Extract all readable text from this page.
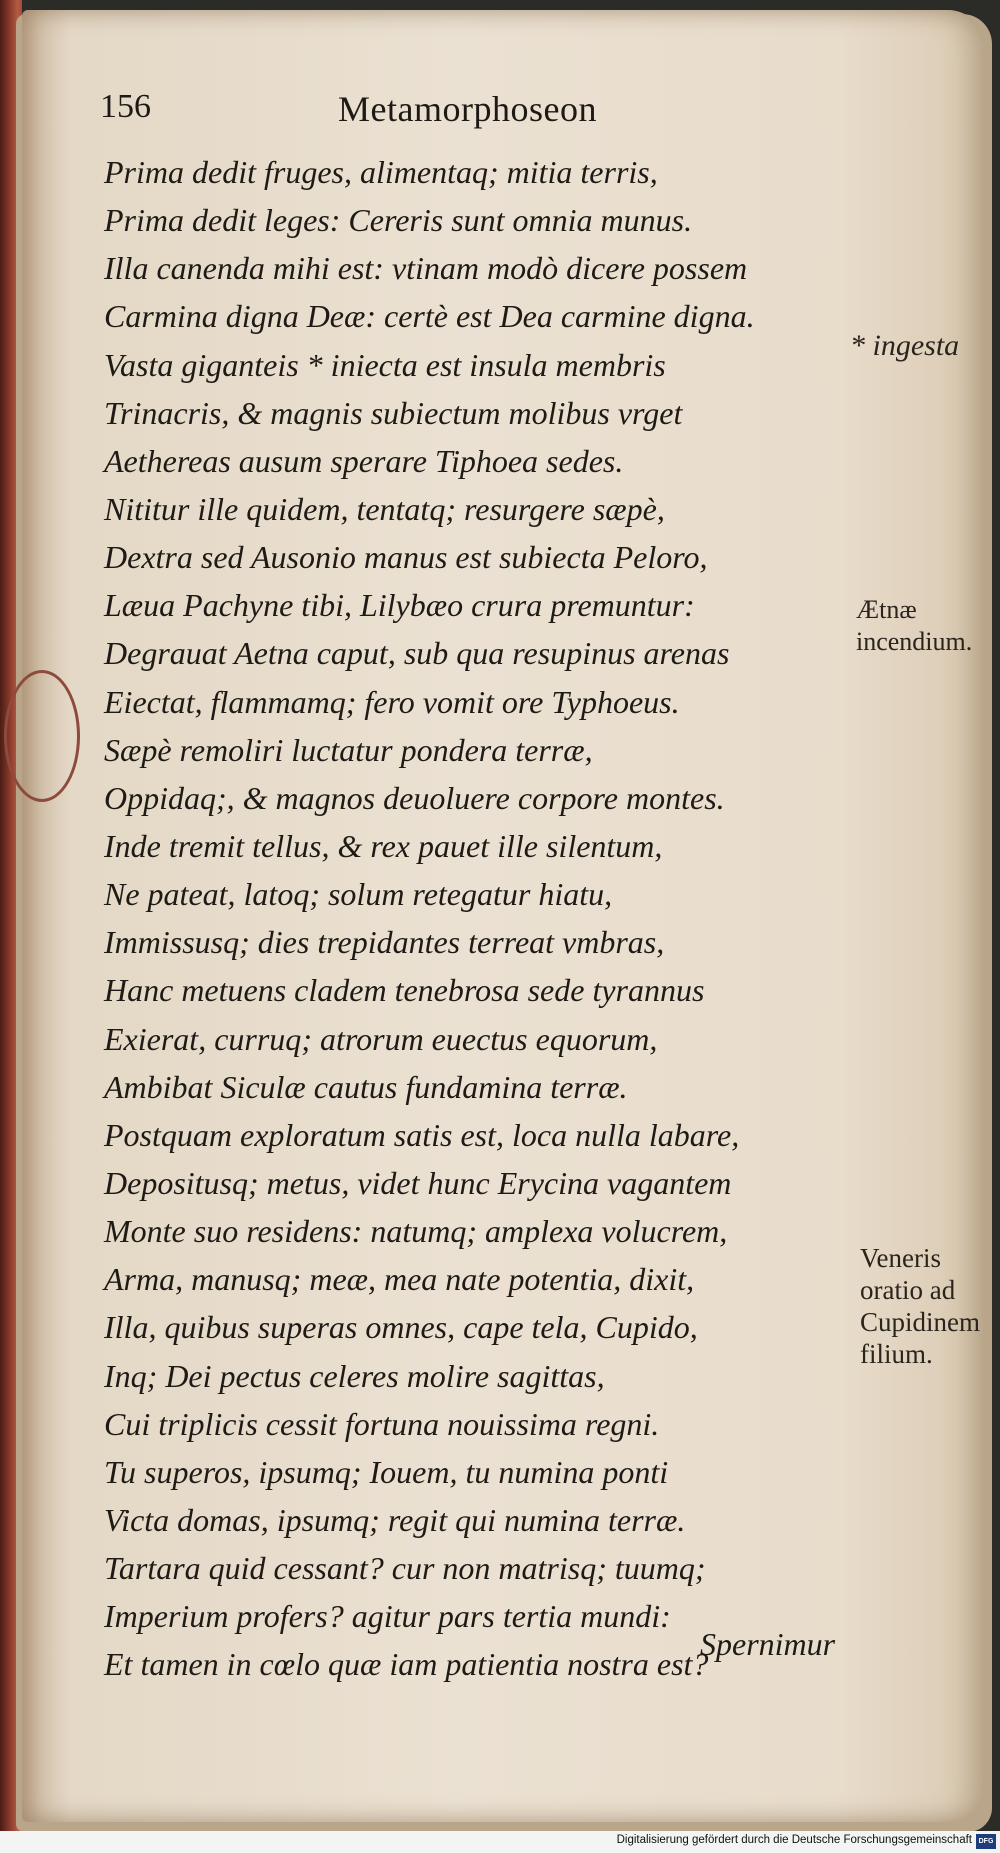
156	Metamorphoseon
Prima dedit fruges, alimentaq; mitia terris,
Prima dedit leges: Cereris sunt omnia munus.
Illa canenda mihi est: vtinam modò dicere possem
Carmina digna Deæ: certè est Dea carmine digna.
Vasta giganteis * iniecta est insula membris
Trinacris, & magnis subiectum molibus vrget
Aethereas ausum sperare Tiphoea sedes.
Nititur ille quidem, tentatq; resurgere sæpè,
Dextra sed Ausonio manus est subiecta Peloro,
Læua Pachyne tibi, Lilybæo crura premuntur:
Degrauat Aetna caput, sub qua resupinus arenas
Eiectat, flammamq; fero vomit ore Typhoeus.
Sæpè remoliri luctatur pondera terræ,
Oppidaq;, & magnos deuoluere corpore montes.
Inde tremit tellus, & rex pauet ille silentum,
Ne pateat, latoq; solum retegatur hiatu,
Immissusq; dies trepidantes terreat vmbras,
Hanc metuens cladem tenebrosa sede tyrannus
Exierat, curruq; atrorum euectus equorum,
Ambibat Siculæ cautus fundamina terræ.
Postquam exploratum satis est, loca nulla labare,
Depositusq; metus, videt hunc Erycina vagantem
Monte suo residens: natumq; amplexa volucrem,
Arma, manusq; meæ, mea nate potentia, dixit,
Illa, quibus superas omnes, cape tela, Cupido,
Inq; Dei pectus celeres molire sagittas,
Cui triplicis cessit fortuna nouissima regni.
Tu superos, ipsumq; Iouem, tu numina ponti
Victa domas, ipsumq; regit qui numina terræ.
Tartara quid cessant? cur non matrisq; tuumq;
Imperium profers? agitur pars tertia mundi:
Et tamen in cœlo quæ iam patientia nostra est?
* ingesta
Ætnæ incendium.
Veneris oratio ad Cupidinem filium.
Spernimur
Digitalisierung gefördert durch die Deutsche Forschungsgemeinschaft DFG
